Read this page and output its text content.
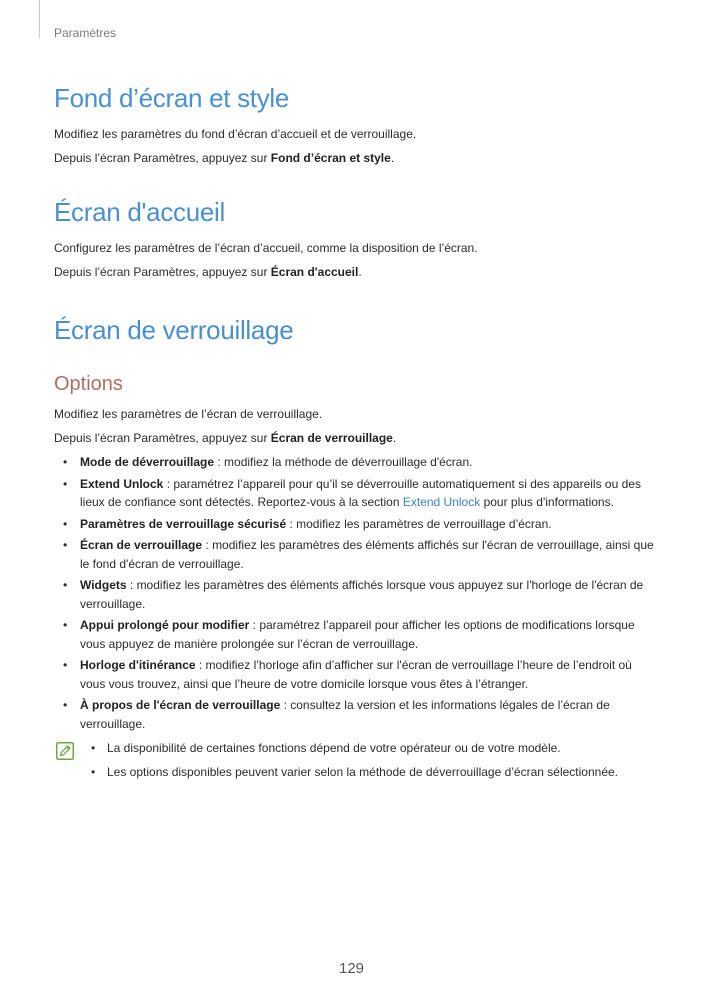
Paramètres
Fond d’écran et style

Modifiez les paramètres du fond d’écran d’accueil et de verrouillage.

Depuis l’écran Paramètres, appuyez sur Fond d’écran et style.

Écran d'accueil

Configurez les paramètres de l’écran d’accueil, comme la disposition de l’écran.

Depuis l’écran Paramètres, appuyez sur Écran d'accueil.

Écran de verrouillage
Options

Modifiez les paramètres de l’écran de verrouillage.

Depuis l’écran Paramètres, appuyez sur Écran de verrouillage.

• Mode de déverrouillage : modifiez la méthode de déverrouillage d'écran.
• Extend Unlock : paramétrez l’appareil pour qu’il se déverrouille automatiquement si des appareils ou des lieux de confiance sont détectés. Reportez-vous à la section Extend Unlock pour plus d'informations.
• Paramètres de verrouillage sécurisé : modifiez les paramètres de verrouillage d’écran.
• Écran de verrouillage : modifiez les paramètres des éléments affichés sur l'écran de verrouillage, ainsi que le fond d'écran de verrouillage.
• Widgets : modifiez les paramètres des éléments affichés lorsque vous appuyez sur l'horloge de l'écran de verrouillage.
• Appui prolongé pour modifier : paramétrez l’appareil pour afficher les options de modifications lorsque vous appuyez de manière prolongée sur l’écran de verrouillage.
• Horloge d'itinérance : modifiez l’horloge afin d’afficher sur l'écran de verrouillage l’heure de l’endroit où vous vous trouvez, ainsi que l’heure de votre domicile lorsque vous êtes à l’étranger.
• À propos de l'écran de verrouillage : consultez la version et les informations légales de l’écran de verrouillage.
• La disponibilité de certaines fonctions dépend de votre opérateur ou de votre modèle.
• Les options disponibles peuvent varier selon la méthode de déverrouillage d’écran sélectionnée.
129
